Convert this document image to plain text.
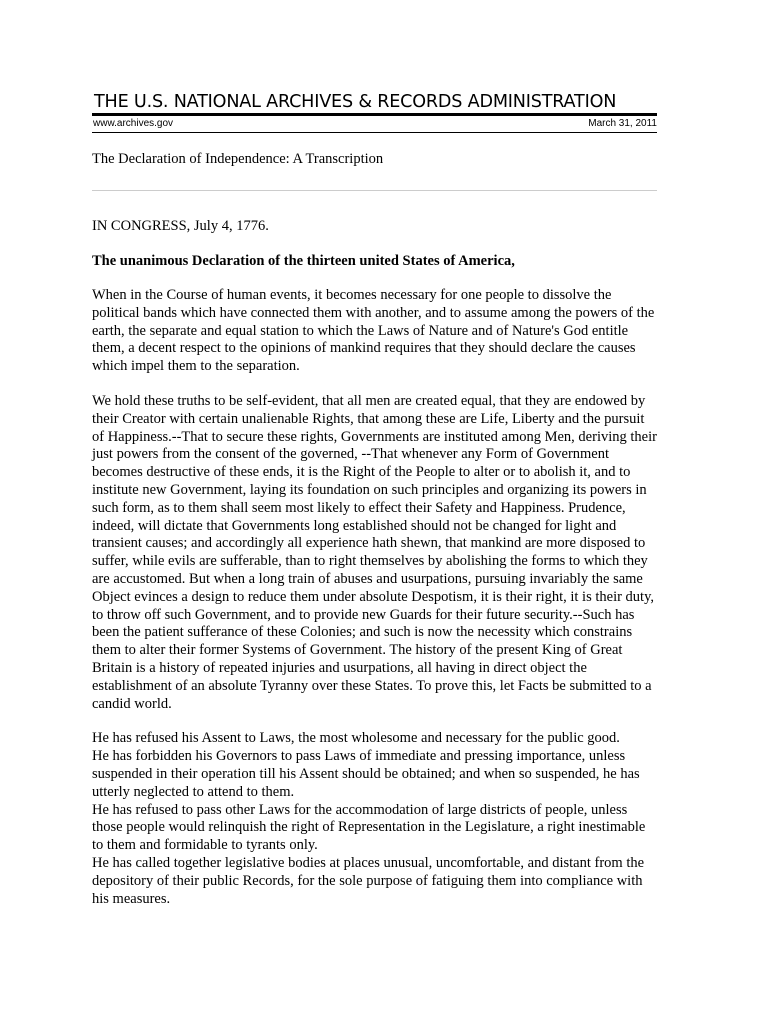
THE U.S. NATIONAL ARCHIVES & RECORDS ADMINISTRATION
www.archives.gov	March 31, 2011
The Declaration of Independence: A Transcription
IN CONGRESS, July 4, 1776.
The unanimous Declaration of the thirteen united States of America,

When in the Course of human events, it becomes necessary for one people to dissolve the political bands which have connected them with another, and to assume among the powers of the earth, the separate and equal station to which the Laws of Nature and of Nature's God entitle them, a decent respect to the opinions of mankind requires that they should declare the causes which impel them to the separation.

We hold these truths to be self-evident, that all men are created equal, that they are endowed by their Creator with certain unalienable Rights, that among these are Life, Liberty and the pursuit of Happiness.--That to secure these rights, Governments are instituted among Men, deriving their just powers from the consent of the governed, --That whenever any Form of Government becomes destructive of these ends, it is the Right of the People to alter or to abolish it, and to institute new Government, laying its foundation on such principles and organizing its powers in such form, as to them shall seem most likely to effect their Safety and Happiness. Prudence, indeed, will dictate that Governments long established should not be changed for light and transient causes; and accordingly all experience hath shewn, that mankind are more disposed to suffer, while evils are sufferable, than to right themselves by abolishing the forms to which they are accustomed. But when a long train of abuses and usurpations, pursuing invariably the same Object evinces a design to reduce them under absolute Despotism, it is their right, it is their duty, to throw off such Government, and to provide new Guards for their future security.--Such has been the patient sufferance of these Colonies; and such is now the necessity which constrains them to alter their former Systems of Government. The history of the present King of Great Britain is a history of repeated injuries and usurpations, all having in direct object the establishment of an absolute Tyranny over these States. To prove this, let Facts be submitted to a candid world.

He has refused his Assent to Laws, the most wholesome and necessary for the public good.

He has forbidden his Governors to pass Laws of immediate and pressing importance, unless suspended in their operation till his Assent should be obtained; and when so suspended, he has utterly neglected to attend to them.

He has refused to pass other Laws for the accommodation of large districts of people, unless those people would relinquish the right of Representation in the Legislature, a right inestimable to them and formidable to tyrants only.

He has called together legislative bodies at places unusual, uncomfortable, and distant from the depository of their public Records, for the sole purpose of fatiguing them into compliance with his measures.
